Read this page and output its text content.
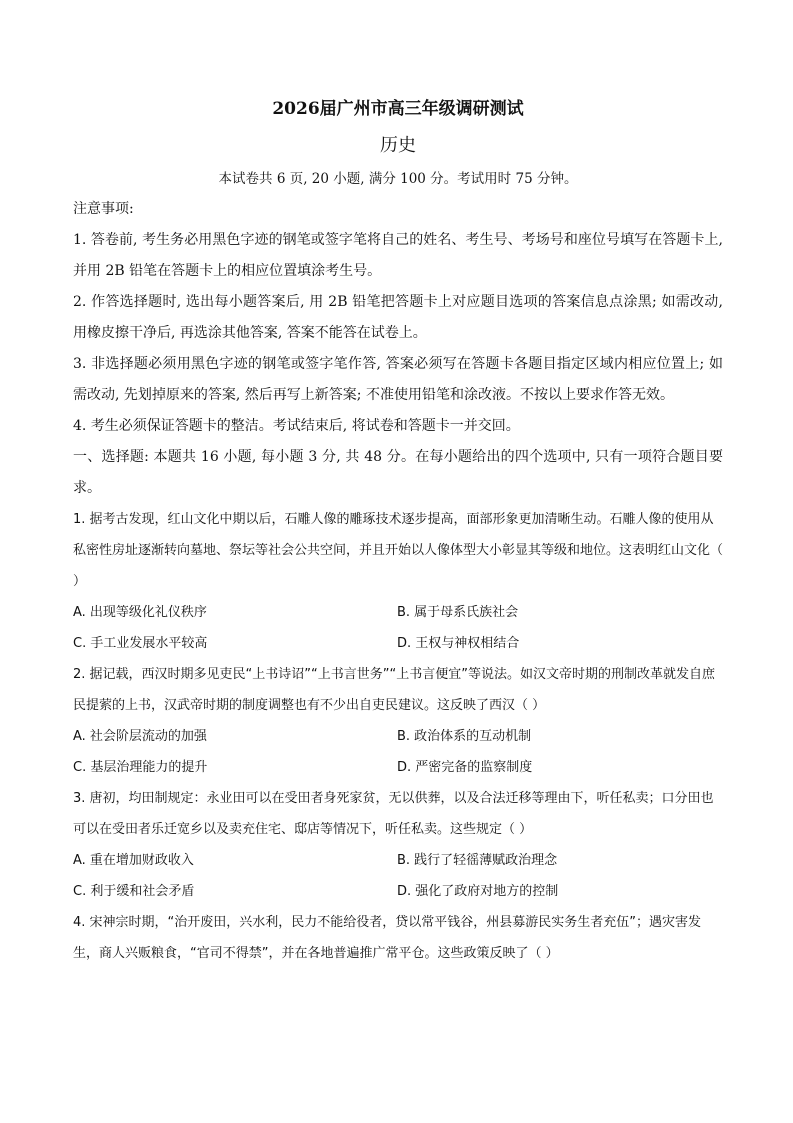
2026届广州市高三年级调研测试
历史
本试卷共 6 页, 20 小题, 满分 100 分。考试用时 75 分钟。
注意事项:
1. 答卷前, 考生务必用黑色字迹的钢笔或签字笔将自己的姓名、考生号、考场号和座位号填写在答题卡上, 并用 2B 铅笔在答题卡上的相应位置填涂考生号。
2. 作答选择题时, 选出每小题答案后, 用 2B 铅笔把答题卡上对应题目选项的答案信息点涂黑; 如需改动, 用橡皮擦干净后, 再选涂其他答案, 答案不能答在试卷上。
3. 非选择题必须用黑色字迹的钢笔或签字笔作答, 答案必须写在答题卡各题目指定区域内相应位置上; 如需改动, 先划掉原来的答案, 然后再写上新答案; 不准使用铅笔和涂改液。不按以上要求作答无效。
4. 考生必须保证答题卡的整洁。考试结束后, 将试卷和答题卡一并交回。
一、选择题: 本题共 16 小题, 每小题 3 分, 共 48 分。在每小题给出的四个选项中, 只有一项符合题目要求。
1. 据考古发现，红山文化中期以后，石雕人像的雕琢技术逐步提高，面部形象更加清晰生动。石雕人像的使用从私密性房址逐渐转向墓地、祭坛等社会公共空间，并且开始以人像体型大小彰显其等级和地位。这表明红山文化（ ）
A. 出现等级化礼仪秩序	B. 属于母系氏族社会
C. 手工业发展水平较高	D. 王权与神权相结合
2. 据记载，西汉时期多见吏民“上书诗诏”“上书言世务”“上书言便宜”等说法。如汉文帝时期的刑制改革就发自庶民提萦的上书，汉武帝时期的制度调整也有不少出自吏民建议。这反映了西汉（ ）
A. 社会阶层流动的加强	B. 政治体系的互动机制
C. 基层治理能力的提升	D. 严密完备的监察制度
3. 唐初，均田制规定：永业田可以在受田者身死家贫，无以供葬，以及合法迁移等理由下，听任私卖；口分田也可以在受田者乐迁宽乡以及卖充住宅、邸店等情况下，听任私卖。这些规定（ ）
A. 重在增加财政收入	B. 践行了轻徭薄赋政治理念
C. 利于缓和社会矛盾	D. 强化了政府对地方的控制
4. 宋神宗时期，“治开废田，兴水利，民力不能给役者，贷以常平钱谷，州县募游民实务生者充伍”；遇灾害发生，商人兴贩粮食，“官司不得禁”，并在各地普遍推广常平仓。这些政策反映了（ ）
